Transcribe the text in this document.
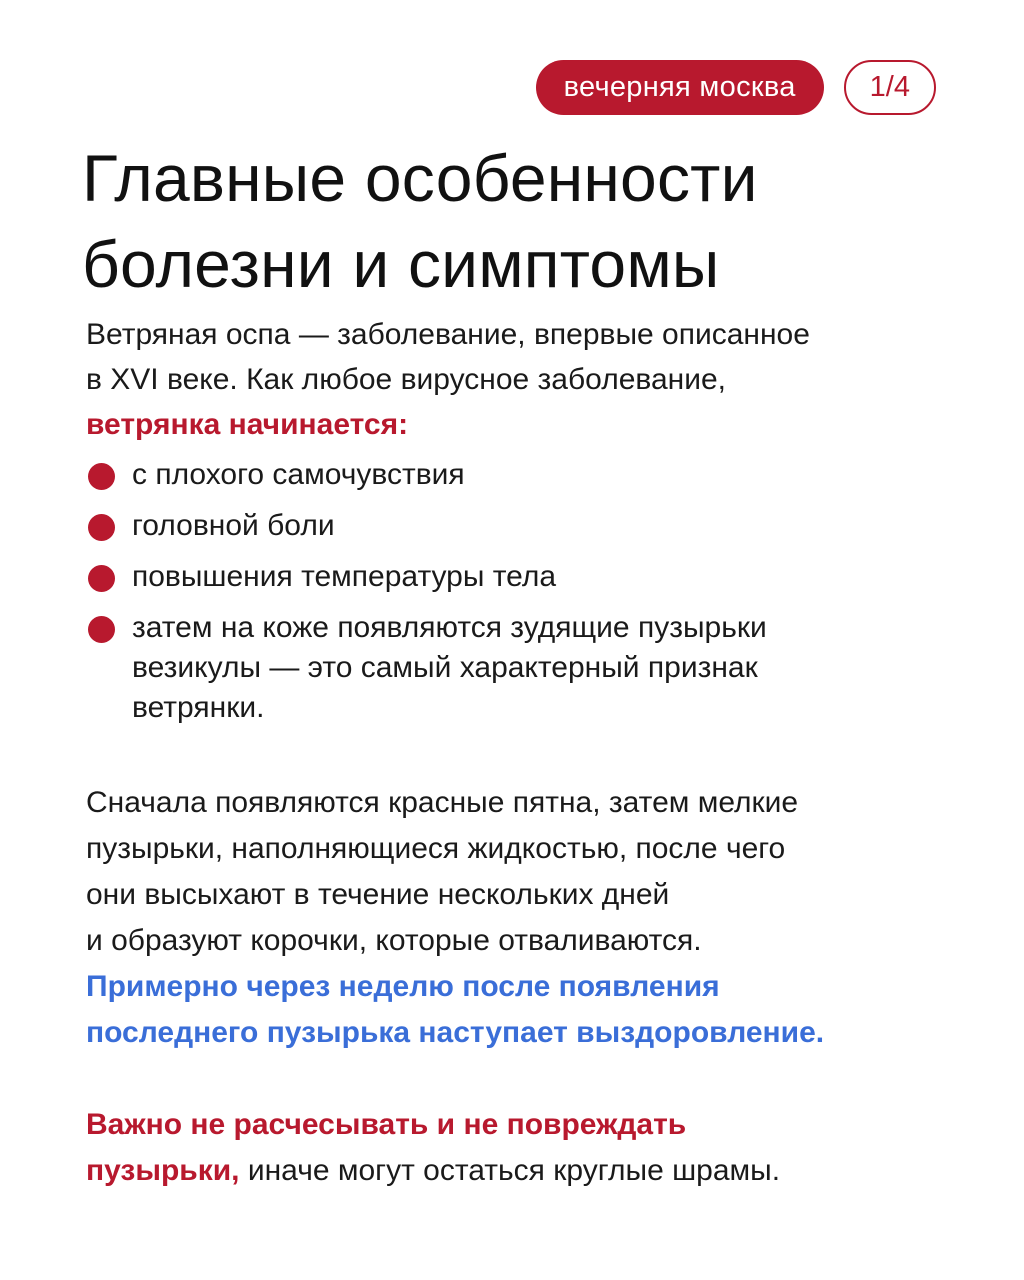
вечерняя москва	1/4
Главные особенности
болезни и симптомы
Ветряная оспа — заболевание, впервые описанное
в XVI веке. Как любое вирусное заболевание,
ветрянка начинается:
с плохого самочувствия
головной боли
повышения температуры тела
затем на коже появляются зудящие пузырьки
везикулы — это самый характерный признак
ветрянки.
Сначала появляются красные пятна, затем мелкие
пузырьки, наполняющиеся жидкостью, после чего
они высыхают в течение нескольких дней
и образуют корочки, которые отваливаются.
Примерно через неделю после появления
последнего пузырька наступает выздоровление.
Важно не расчесывать и не повреждать
пузырьки, иначе могут остаться круглые шрамы.
